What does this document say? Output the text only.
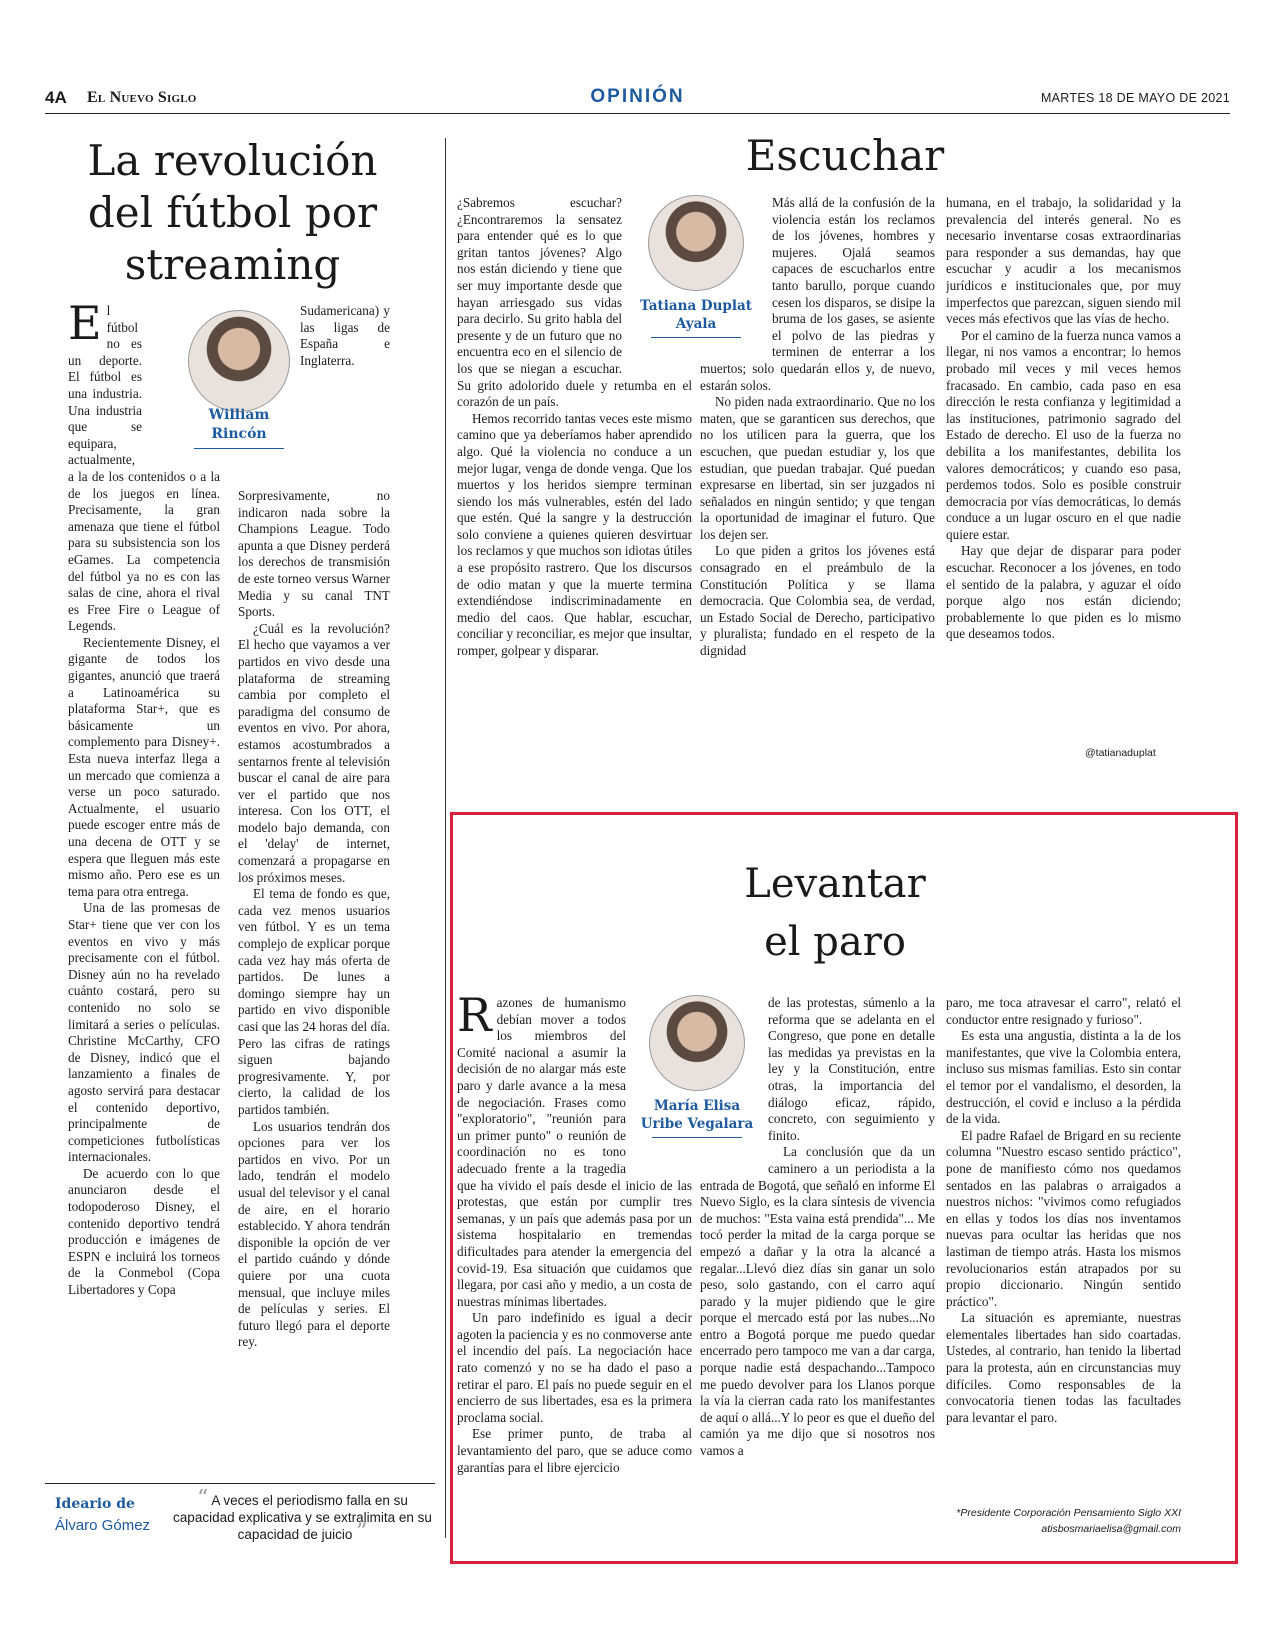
4A El Nuevo Siglo	OPINIÓN	MARTES 18 DE MAYO DE 2021
La revolución del fútbol por streaming
William Rincón
E l fútbol no es un deporte. El fútbol es una industria. Una industria que se equipara, actualmente, a la de los contenidos o a la de los juegos en línea. Precisamente, la gran amenaza que tiene el fútbol para su subsistencia son los eGames. La competencia del fútbol ya no es con las salas de cine, ahora el rival es Free Fire o League of Legends.

Recientemente Disney, el gigante de todos los gigantes, anunció que traerá a Latinoamérica su plataforma Star+, que es básicamente un complemento para Disney+. Esta nueva interfaz llega a un mercado que comienza a verse un poco saturado. Actualmente, el usuario puede escoger entre más de una decena de OTT y se espera que lleguen más este mismo año. Pero ese es un tema para otra entrega.

Una de las promesas de Star+ tiene que ver con los eventos en vivo y más precisamente con el fútbol. Disney aún no ha revelado cuánto costará, pero su contenido no solo se limitará a series o películas. Christine McCarthy, CFO de Disney, indicó que el lanzamiento a finales de agosto servirá para destacar el contenido deportivo, principalmente de competiciones futbolísticas internacionales.

De acuerdo con lo que anunciaron desde el todopoderoso Disney, el contenido deportivo tendrá producción e imágenes de ESPN e incluirá los torneos de la Conmebol (Copa Libertadores y Copa

Sudamericana) y las ligas de España e Inglaterra. Sorpresivamente, no indicaron nada sobre la Champions League. Todo apunta a que Disney perderá los derechos de transmisión de este torneo versus Warner Media y su canal TNT Sports.

¿Cuál es la revolución? El hecho que vayamos a ver partidos en vivo desde una plataforma de streaming cambia por completo el paradigma del consumo de eventos en vivo. Por ahora, estamos acostumbrados a sentarnos frente al televisión buscar el canal de aire para ver el partido que nos interesa. Con los OTT, el modelo bajo demanda, con el 'delay' de internet, comenzará a propagarse en los próximos meses.

El tema de fondo es que, cada vez menos usuarios ven fútbol. Y es un tema complejo de explicar porque cada vez hay más oferta de partidos. De lunes a domingo siempre hay un partido en vivo disponible casi que las 24 horas del día. Pero las cifras de ratings siguen bajando progresivamente. Y, por cierto, la calidad de los partidos también.

Los usuarios tendrán dos opciones para ver los partidos en vivo. Por un lado, tendrán el modelo usual del televisor y el canal de aire, en el horario establecido. Y ahora tendrán disponible la opción de ver el partido cuándo y dónde quiere por una cuota mensual, que incluye miles de películas y series. El futuro llegó para el deporte rey.

Escuchar
Tatiana Duplat Ayala

¿Sabremos escuchar? ¿Encontraremos la sensatez para entender qué es lo que gritan tantos jóvenes? Algo nos están diciendo y tiene que ser muy importante desde que hayan arriesgado sus vidas para decirlo. Su grito habla del presente y de un futuro que no encuentra eco en el silencio de los que se niegan a escuchar. Su grito adolorido duele y retumba en el corazón de un país.

Hemos recorrido tantas veces este mismo camino que ya deberíamos haber aprendido algo. Qué la violencia no conduce a un mejor lugar, venga de donde venga. Que los muertos y los heridos siempre terminan siendo los más vulnerables, estén del lado que estén. Qué la sangre y la destrucción solo conviene a quienes quieren desvirtuar los reclamos y que muchos son idiotas útiles a ese propósito rastrero. Que los discursos de odio matan y que la muerte termina extendiéndose indiscriminadamente en medio del caos. Que hablar, escuchar, conciliar y reconciliar, es mejor que insultar, romper, golpear y disparar.

Más allá de la confusión de la violencia están los reclamos de los jóvenes, hombres y mujeres. Ojalá seamos capaces de escucharlos entre tanto barullo, porque cuando cesen los disparos, se disipe la bruma de los gases, se asiente el polvo de las piedras y terminen de enterrar a los muertos; solo quedarán ellos y, de nuevo, estarán solos.

No piden nada extraordinario. Que no los maten, que se garanticen sus derechos, que no los utilicen para la guerra, que los escuchen, que puedan estudiar y, los que estudian, que puedan trabajar. Qué puedan expresarse en libertad, sin ser juzgados ni señalados en ningún sentido; y que tengan la oportunidad de imaginar el futuro. Que los dejen ser.

Lo que piden a gritos los jóvenes está consagrado en el preámbulo de la Constitución Política y se llama democracia. Que Colombia sea, de verdad, un Estado Social de Derecho, participativo y pluralista; fundado en el respeto de la dignidad

humana, en el trabajo, la solidaridad y la prevalencia del interés general. No es necesario inventarse cosas extraordinarias para responder a sus demandas, hay que escuchar y acudir a los mecanismos jurídicos e institucionales que, por muy imperfectos que parezcan, siguen siendo mil veces más efectivos que las vías de hecho.

Por el camino de la fuerza nunca vamos a llegar, ni nos vamos a encontrar; lo hemos probado mil veces y mil veces hemos fracasado. En cambio, cada paso en esa dirección le resta confianza y legitimidad a las instituciones, patrimonio sagrado del Estado de derecho. El uso de la fuerza no debilita a los manifestantes, debilita los valores democráticos; y cuando eso pasa, perdemos todos. Solo es posible construir democracia por vías democráticas, lo demás conduce a un lugar oscuro en el que nadie quiere estar.

Hay que dejar de disparar para poder escuchar. Reconocer a los jóvenes, en todo el sentido de la palabra, y aguzar el oído porque algo nos están diciendo; probablemente lo que piden es lo mismo que deseamos todos.

@tatianaduplat
Levantar el paro
María Elisa Uribe Vegalara
R azones de humanismo debían mover a todos los miembros del Comité nacional a asumir la decisión de no alargar más este paro y darle avance a la mesa de negociación. Frases como "exploratorio", "reunión para un primer punto" o reunión de coordinación no es tono adecuado frente a la tragedia que ha vivido el país desde el inicio de las protestas, que están por cumplir tres semanas, y un país que además pasa por un sistema hospitalario en tremendas dificultades para atender la emergencia del covid-19. Esa situación que cuidamos que llegara, por casi año y medio, a un costa de nuestras mínimas libertades.

Un paro indefinido es igual a decir agoten la paciencia y es no conmoverse ante el incendio del país. La negociación hace rato comenzó y no se ha dado el paso a retirar el paro. El país no puede seguir en el encierro de sus libertades, esa es la primera proclama social.

Ese primer punto, de traba al levantamiento del paro, que se aduce como garantías para el libre ejercicio

de las protestas, súmenlo a la reforma que se adelanta en el Congreso, que pone en detalle las medidas ya previstas en la ley y la Constitución, entre otras, la importancia del diálogo eficaz, rápido, concreto, con seguimiento y finito.

La conclusión que da un caminero a un periodista a la entrada de Bogotá, que señaló en informe El Nuevo Siglo, es la clara síntesis de vivencia de muchos: "Esta vaina está prendida"... Me tocó perder la mitad de la carga porque se empezó a dañar y la otra la alcancé a regalar...Llevó diez días sin ganar un solo peso, solo gastando, con el carro aquí parado y la mujer pidiendo que le gire porque el mercado está por las nubes...No entro a Bogotá porque me puedo quedar encerrado pero tampoco me van a dar carga, porque nadie está despachando...Tampoco me puedo devolver para los Llanos porque la vía la cierran cada rato los manifestantes de aquí o allá...Y lo peor es que el dueño del camión ya me dijo que si nosotros nos vamos a

paro, me toca atravesar el carro", relató el conductor entre resignado y furioso".

Es esta una angustia, distinta a la de los manifestantes, que vive la Colombia entera, incluso sus mismas familias. Esto sin contar el temor por el vandalismo, el desorden, la destrucción, el covid e incluso a la pérdida de la vida.

El padre Rafael de Brigard en su reciente columna "Nuestro escaso sentido práctico", pone de manifiesto cómo nos quedamos sentados en las palabras o arraigados a nuestros nichos: "vivimos como refugiados en ellas y todos los días nos inventamos nuevas para ocultar las heridas que nos lastiman de tiempo atrás. Hasta los mismos revolucionarios están atrapados por su propio diccionario. Ningún sentido práctico".

La situación es apremiante, nuestras elementales libertades han sido coartadas. Ustedes, al contrario, han tenido la libertad para la protesta, aún en circunstancias muy difíciles. Como responsables de la convocatoria tienen todas las facultades para levantar el paro.

*Presidente Corporación Pensamiento Siglo XXI
atisbosmariaelisa@gmail.com
Ideario de
Álvaro Gómez
“ A veces el periodismo falla en su capacidad explicativa y se extralimita en su capacidad de juicio ”
